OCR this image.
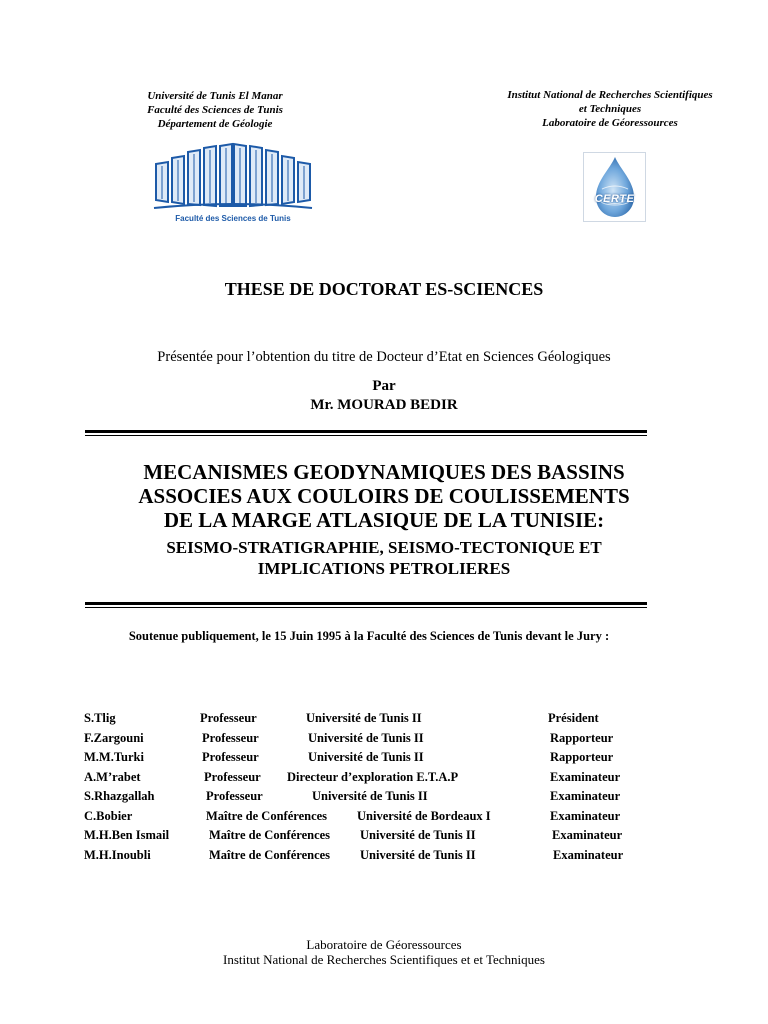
Université de Tunis El Manar
Faculté des Sciences de Tunis
Département de Géologie
Institut National de Recherches Scientifiques
et Techniques
Laboratoire de Géoressources
Faculté des Sciences de Tunis
CERTE
THESE DE DOCTORAT ES-SCIENCES
Présentée pour l’obtention du titre de Docteur d’Etat en Sciences Géologiques
Par
Mr. MOURAD BEDIR
MECANISMES GEODYNAMIQUES DES BASSINS
ASSOCIES AUX COULOIRS DE COULISSEMENTS
DE LA MARGE ATLASIQUE DE LA TUNISIE:
SEISMO-STRATIGRAPHIE, SEISMO-TECTONIQUE ET
IMPLICATIONS PETROLIERES
Soutenue publiquement, le 15 Juin 1995 à la Faculté des Sciences de Tunis devant le Jury :
S.Tlig	Professeur	Université de Tunis II	Président
F.Zargouni	Professeur	Université de Tunis II	Rapporteur
M.M.Turki	Professeur	Université de Tunis II	Rapporteur
A.M’rabet	Professeur Directeur d’exploration E.T.A.P	Examinateur
S.Rhazgallah	Professeur	Université de Tunis II	Examinateur
C.Bobier	Maître de Conférences Université de Bordeaux I	Examinateur
M.H.Ben Ismail	Maître de Conférences Université de Tunis II	Examinateur
M.H.Inoubli	Maître de Conférences Université de Tunis II	Examinateur
Laboratoire de Géoressources
Institut National de Recherches Scientifiques et et Techniques
